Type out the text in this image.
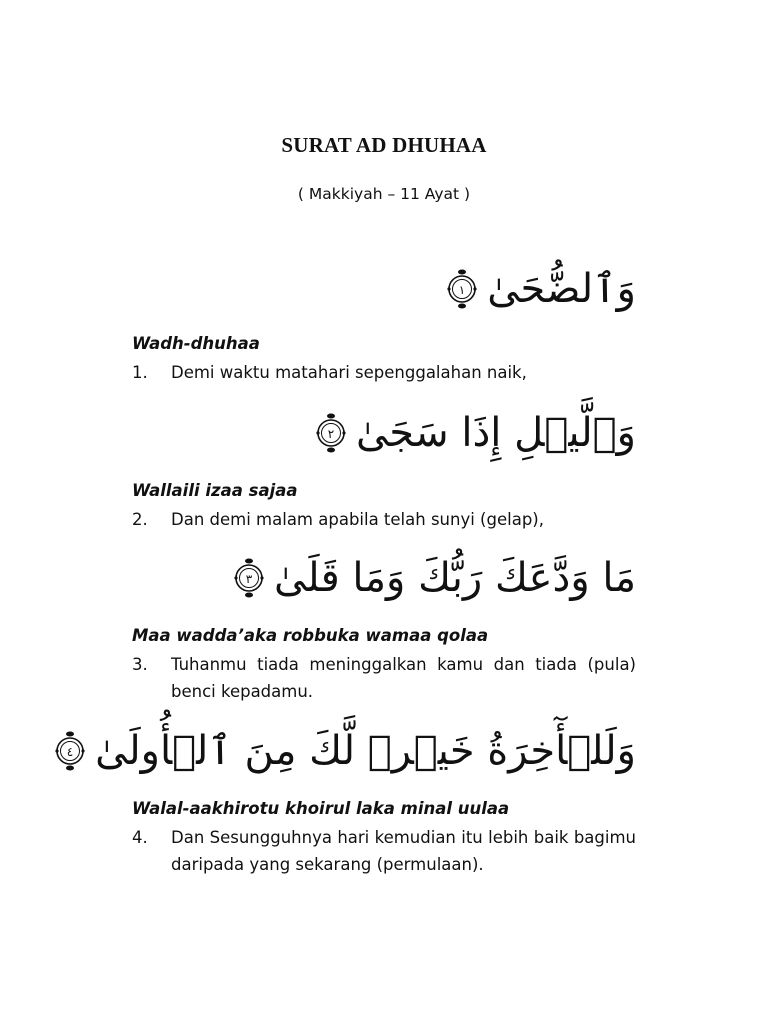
SURAT AD DHUHAA
( Makkiyah – 11 Ayat )
١ وَٱلضُّحَىٰ
Wadh-dhuhaa
1. Demi waktu matahari sepenggalahan naik,
٢ وَٱلَّيۡلِ إِذَا سَجَىٰ
Wallaili izaa sajaa
2. Dan demi malam apabila telah sunyi (gelap),
٣ مَا وَدَّعَكَ رَبُّكَ وَمَا قَلَىٰ
Maa wadda’aka robbuka wamaa qolaa
3. Tuhanmu tiada meninggalkan kamu dan tiada (pula) benci kepadamu.
٤ وَلَلۡأٓخِرَةُ خَيۡرٞ لَّكَ مِنَ ٱلۡأُولَىٰ
Walal-aakhirotu khoirul laka minal uulaa
4. Dan Sesungguhnya hari kemudian itu lebih baik bagimu daripada yang sekarang (permulaan).
